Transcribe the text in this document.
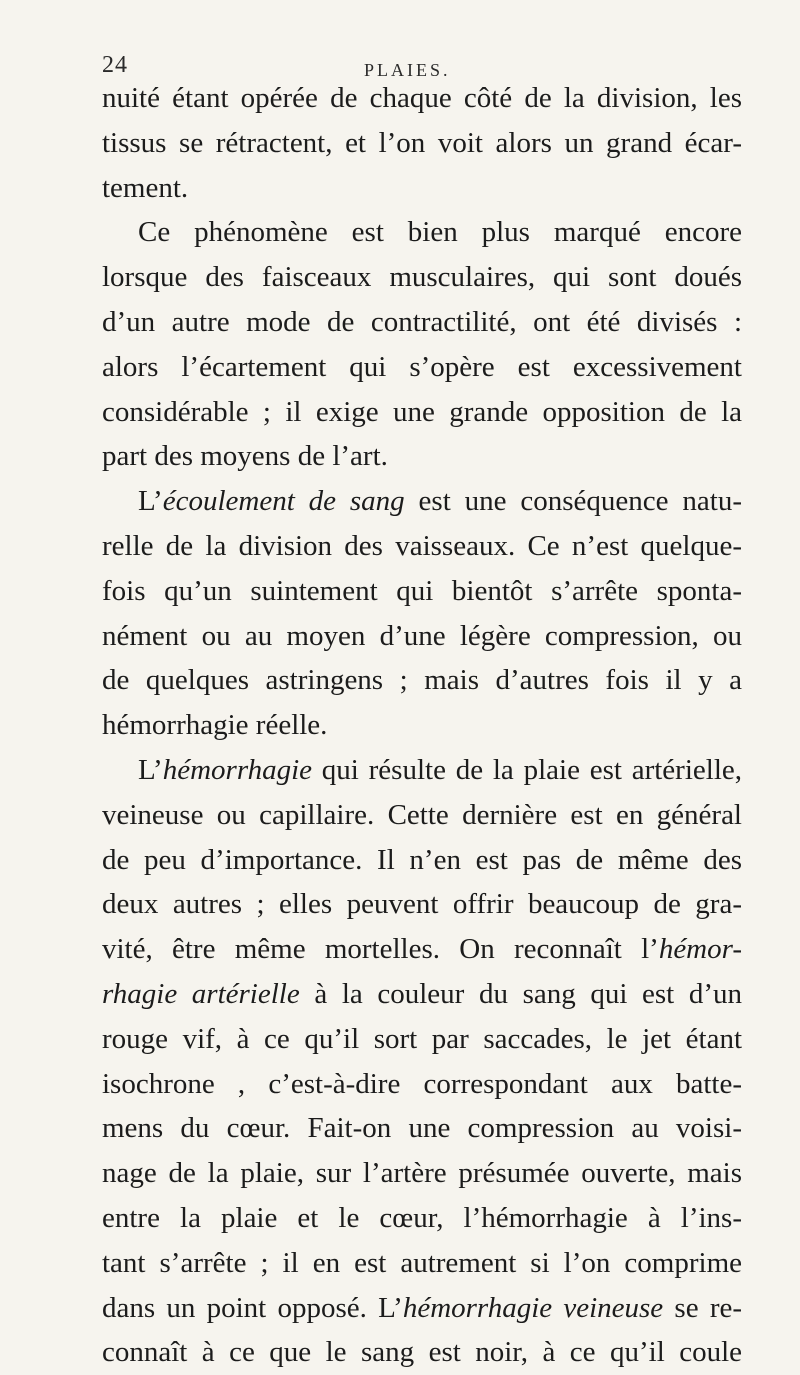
24	PLAIES.
nuité étant opérée de chaque côté de la division, les
tissus se rétractent, et l’on voit alors un grand écar-
tement.
Ce phénomène est bien plus marqué encore
lorsque des faisceaux musculaires, qui sont doués
d’un autre mode de contractilité, ont été divisés :
alors l’écartement qui s’opère est excessivement
considérable ; il exige une grande opposition de la
part des moyens de l’art.
L’écoulement de sang est une conséquence natu-
relle de la division des vaisseaux. Ce n’est quelque-
fois qu’un suintement qui bientôt s’arrête sponta-
nément ou au moyen d’une légère compression, ou
de quelques astringens ; mais d’autres fois il y a
hémorrhagie réelle.
L’hémorrhagie qui résulte de la plaie est artérielle,
veineuse ou capillaire. Cette dernière est en général
de peu d’importance. Il n’en est pas de même des
deux autres ; elles peuvent offrir beaucoup de gra-
vité, être même mortelles. On reconnaît l’hémor-
rhagie artérielle à la couleur du sang qui est d’un
rouge vif, à ce qu’il sort par saccades, le jet étant
isochrone , c’est-à-dire correspondant aux batte-
mens du cœur. Fait-on une compression au voisi-
nage de la plaie, sur l’artère présumée ouverte, mais
entre la plaie et le cœur, l’hémorrhagie à l’ins-
tant s’arrête ; il en est autrement si l’on comprime
dans un point opposé. L’hémorrhagie veineuse se re-
connaît à ce que le sang est noir, à ce qu’il coule
